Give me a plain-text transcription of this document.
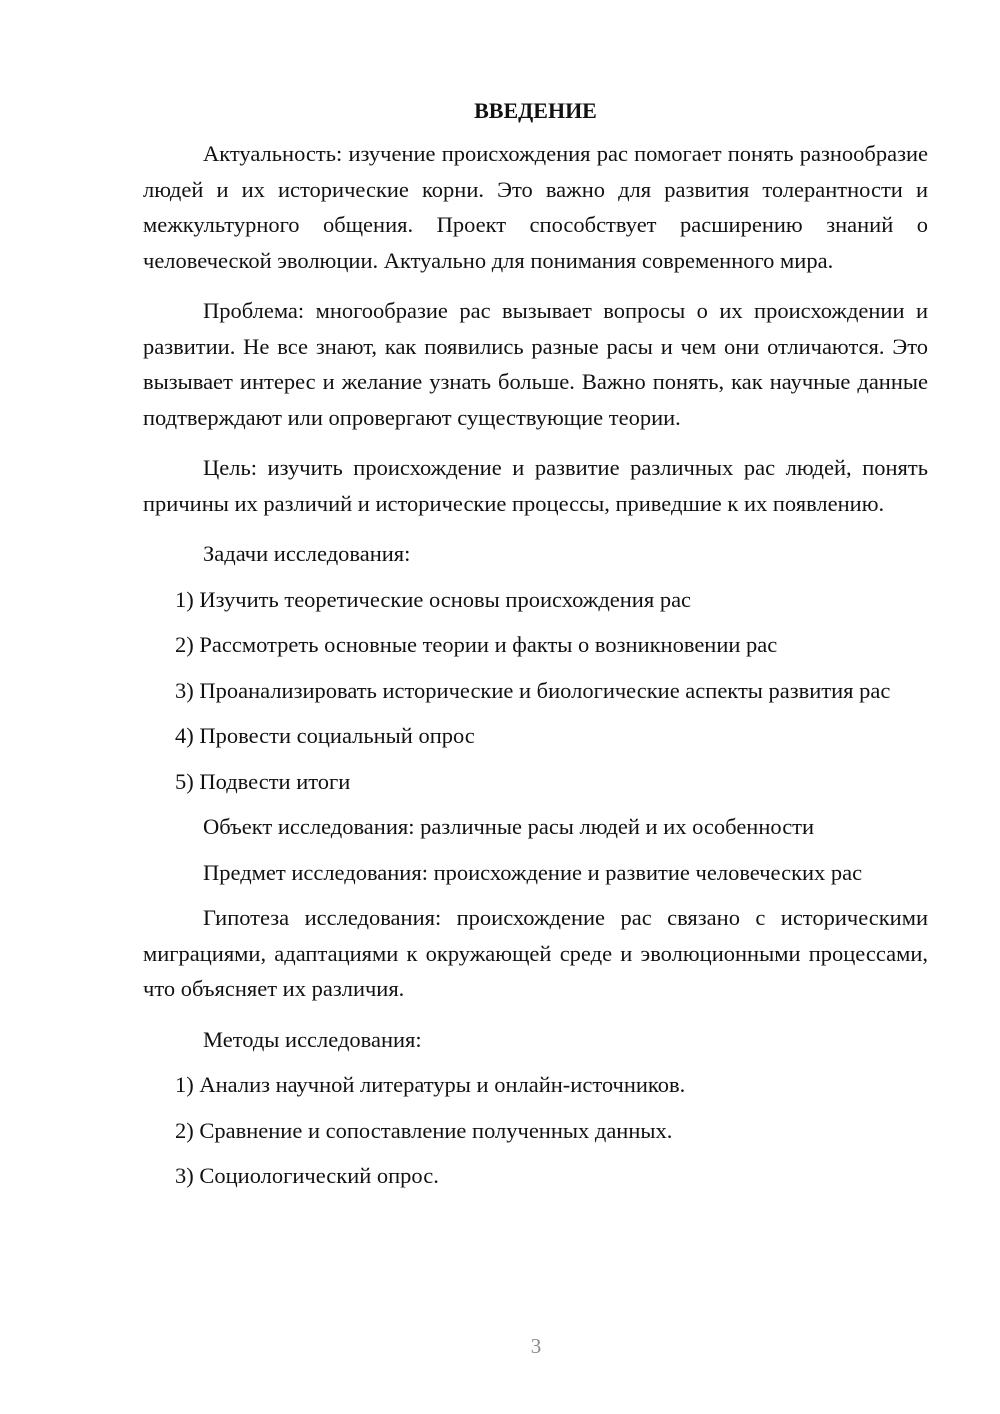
ВВЕДЕНИЕ

Актуальность: изучение происхождения рас помогает понять разнообразие людей и их исторические корни. Это важно для развития толерантности и межкультурного общения. Проект способствует расширению знаний о человеческой эволюции. Актуально для понимания современного мира.

Проблема: многообразие рас вызывает вопросы о их происхождении и развитии. Не все знают, как появились разные расы и чем они отличаются. Это вызывает интерес и желание узнать больше. Важно понять, как научные данные подтверждают или опровергают существующие теории.

Цель: изучить происхождение и развитие различных рас людей, понять причины их различий и исторические процессы, приведшие к их появлению.

Задачи исследования:

1) Изучить теоретические основы происхождения рас

2) Рассмотреть основные теории и факты о возникновении рас

3) Проанализировать исторические и биологические аспекты развития рас

4) Провести социальный опрос

5) Подвести итоги

Объект исследования: различные расы людей и их особенности

Предмет исследования: происхождение и развитие человеческих рас

Гипотеза исследования: происхождение рас связано с историческими миграциями, адаптациями к окружающей среде и эволюционными процессами, что объясняет их различия.

Методы исследования:

1) Анализ научной литературы и онлайн-источников.

2) Сравнение и сопоставление полученных данных.

3) Социологический опрос.

3
